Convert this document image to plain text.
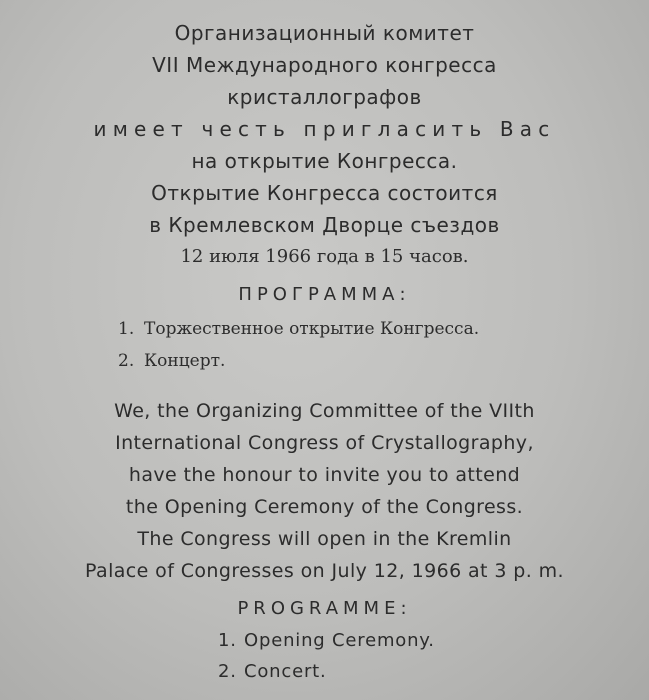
Организационный комитет
VII Международного конгресса
кристаллографов
имеет честь пригласить Вас
на открытие Конгресса.
Открытие Конгресса состоится
в Кремлевском Дворце съездов
12 июля 1966 года в 15 часов.
ПРОГРАММА:
1. Торжественное открытие Конгресса.
2. Концерт.
We, the Organizing Committee of the VIIth
International Congress of Crystallography,
have the honour to invite you to attend
the Opening Ceremony of the Congress.
The Congress will open in the Kremlin
Palace of Congresses on July 12, 1966 at 3 p. m.
PROGRAMME:
1. Opening Ceremony.
2. Concert.
